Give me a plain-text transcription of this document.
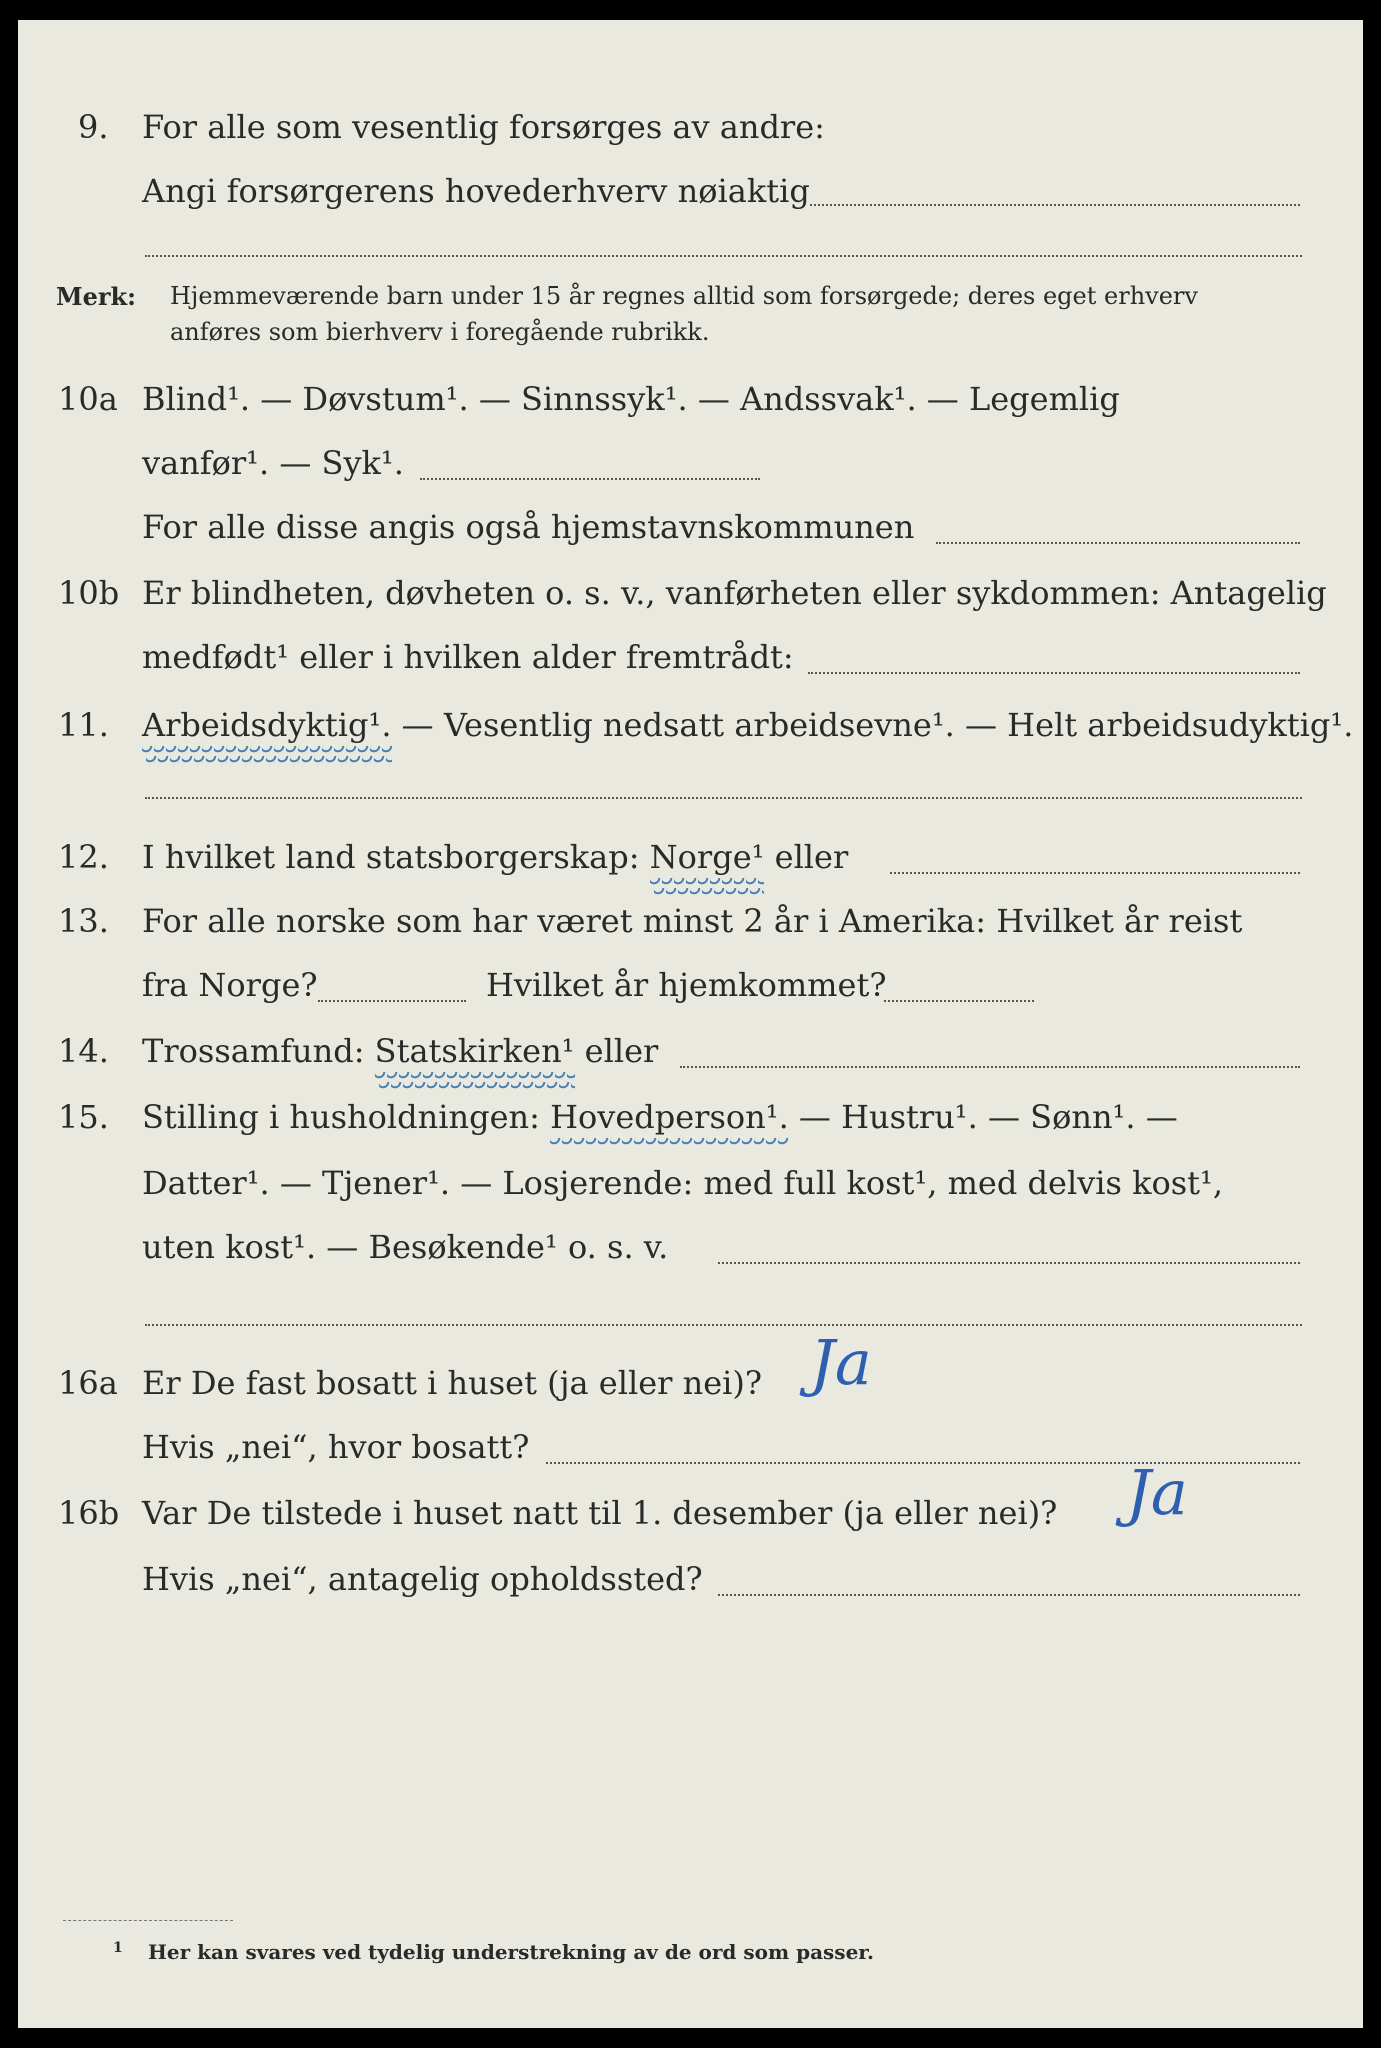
9.	For alle som vesentlig forsørges av andre:
Angi forsørgerens hovederhverv nøiaktig
Merk: Hjemmeværende barn under 15 år regnes alltid som forsørgede; deres eget erhverv
anføres som bierhverv i foregående rubrikk.
10a Blind¹. — Døvstum¹. — Sinnssyk¹. — Andssvak¹. — Legemlig
vanfør¹. — Syk¹.
For alle disse angis også hjemstavnskommunen
10b Er blindheten, døvheten o. s. v., vanførheten eller sykdommen: Antagelig
medfødt¹ eller i hvilken alder fremtrådt:
11.	Arbeidsdyktig¹. — Vesentlig nedsatt arbeidsevne¹. — Helt arbeidsudyktig¹.
12.	I hvilket land statsborgerskap: Norge¹ eller
13.	For alle norske som har været minst 2 år i Amerika: Hvilket år reist
fra Norge?	Hvilket år hjemkommet?
14.	Trossamfund: Statskirken¹ eller
15.	Stilling i husholdningen: Hovedperson¹. — Hustru¹. — Sønn¹. —
Datter¹. — Tjener¹. — Losjerende: med full kost¹, med delvis kost¹,
uten kost¹. — Besøkende¹ o. s. v.
16a Er De fast bosatt i huset (ja eller nei)? Ja
Hvis „nei“, hvor bosatt?
16b Var De tilstede i huset natt til 1. desember (ja eller nei)? Ja
Hvis „nei“, antagelig opholdssted?
1 Her kan svares ved tydelig understrekning av de ord som passer.
